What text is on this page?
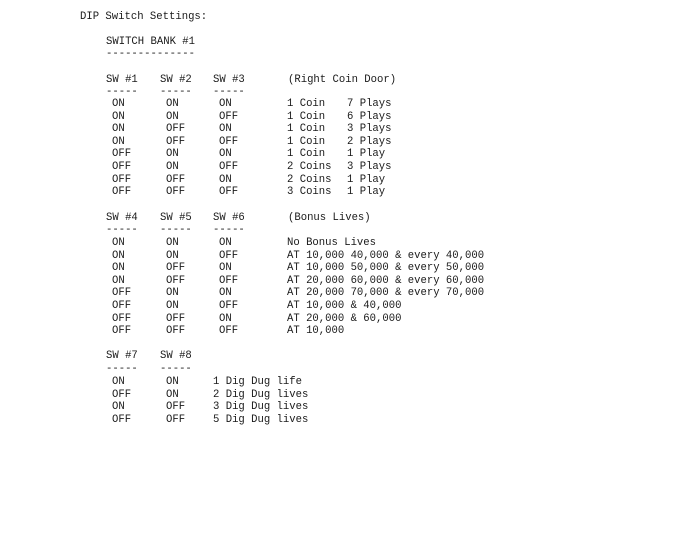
DIP Switch Settings:
SWITCH BANK #1
--------------
SW #1 SW #2 SW #3	(Right Coin Door)
----- ----- -----
ON	ON	ON	1 Coin 7 Plays
ON	ON	OFF	1 Coin 6 Plays
ON	OFF	ON	1 Coin 3 Plays
ON	OFF	OFF	1 Coin 2 Plays
OFF	ON	ON	1 Coin 1 Play
OFF	ON	OFF	2 Coins 3 Plays
OFF	OFF	ON	2 Coins 1 Play
OFF	OFF	OFF	3 Coins 1 Play
SW #4 SW #5 SW #6	(Bonus Lives)
----- ----- -----
ON	ON	ON	No Bonus Lives
ON	ON	OFF	AT 10,000 40,000 & every 40,000
ON	OFF	ON	AT 10,000 50,000 & every 50,000
ON	OFF	OFF	AT 20,000 60,000 & every 60,000
OFF	ON	ON	AT 20,000 70,000 & every 70,000
OFF	ON	OFF	AT 10,000 & 40,000
OFF	OFF	ON	AT 20,000 & 60,000
OFF	OFF	OFF	AT 10,000
SW #7 SW #8
----- -----
ON	ON	1 Dig Dug life
OFF	ON	2 Dig Dug lives
ON	OFF	3 Dig Dug lives
OFF	OFF	5 Dig Dug lives
